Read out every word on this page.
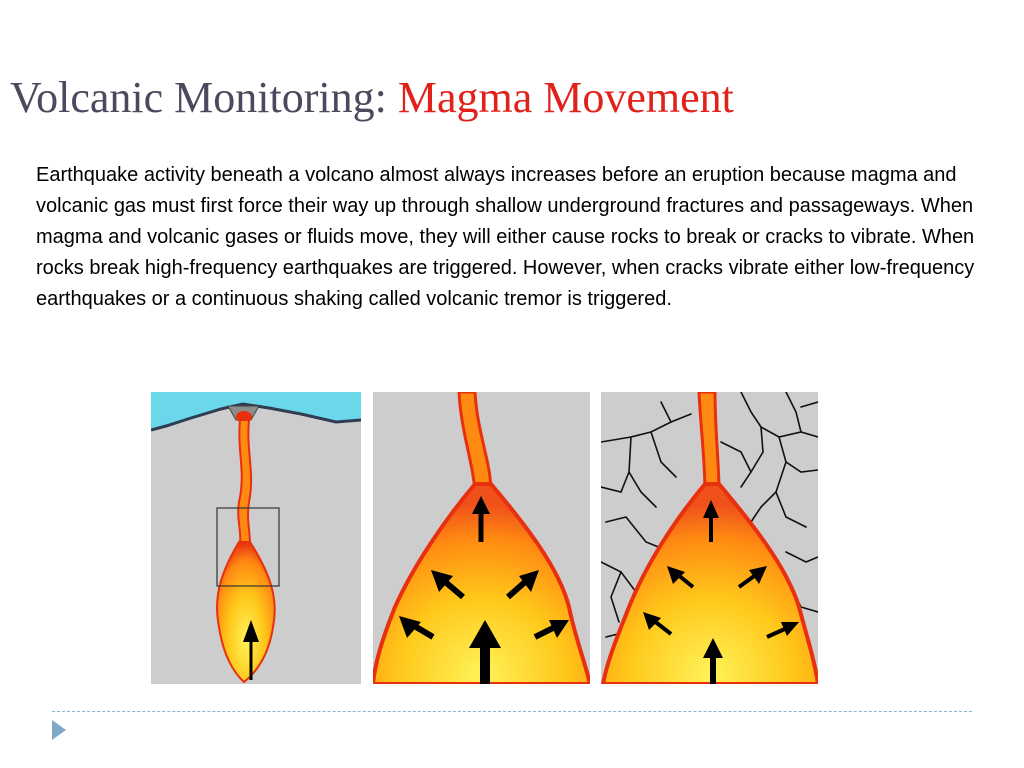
Volcanic Monitoring: Magma Movement

Earthquake activity beneath a volcano almost always increases before an eruption because magma and volcanic gas must first force their way up through shallow underground fractures and passageways. When magma and volcanic gases or fluids move, they will either cause rocks to break or cracks to vibrate. When rocks break high-frequency earthquakes are triggered. However, when cracks vibrate either low-frequency earthquakes or a continuous shaking called volcanic tremor is triggered.
